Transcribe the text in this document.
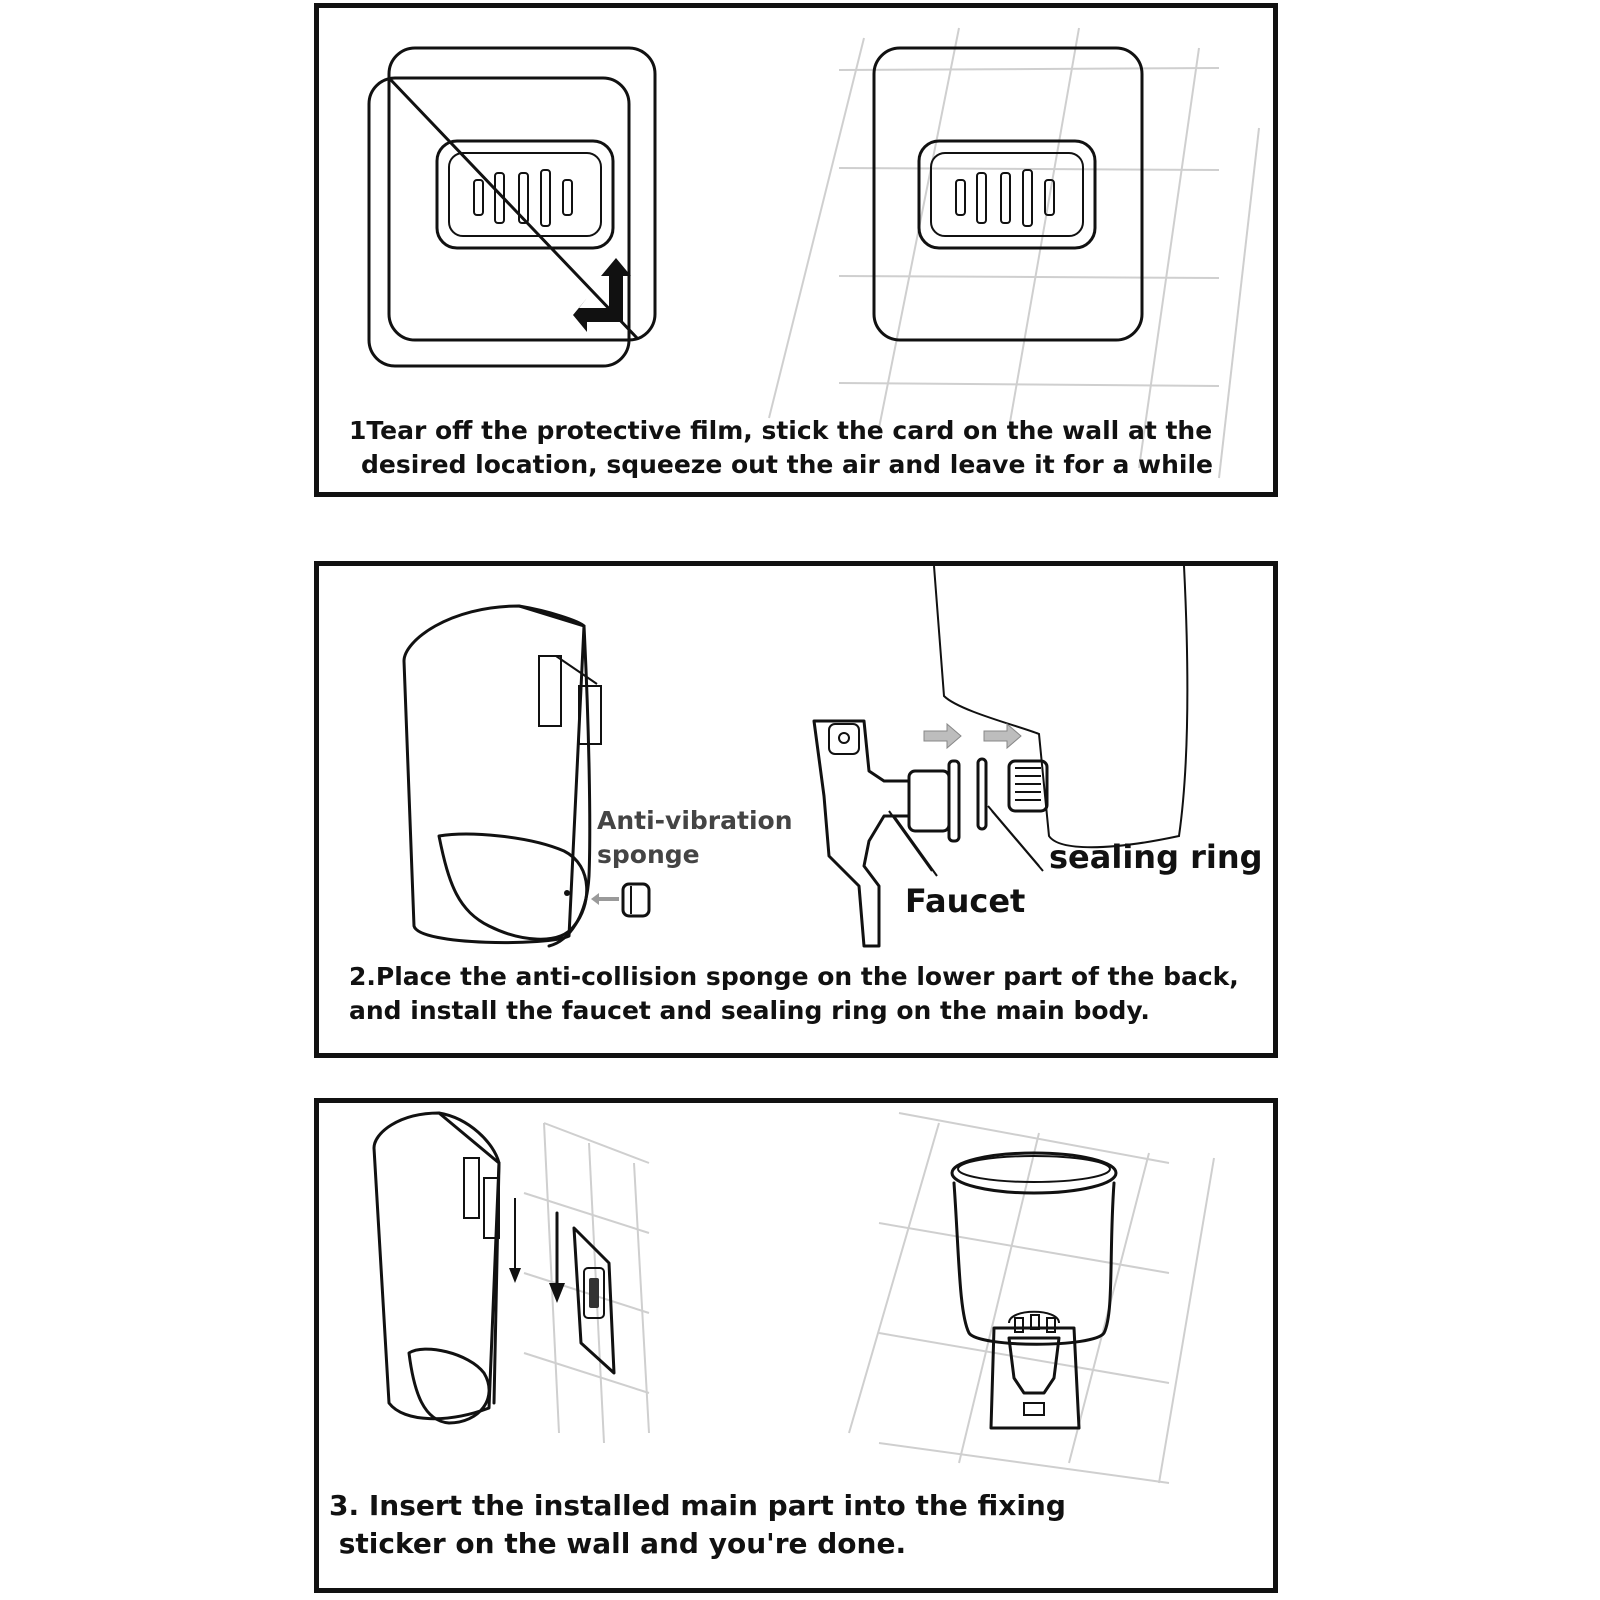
1Tear off the protective film, stick the card on the wall at the
desired location, squeeze out the air and leave it for a while
Anti-vibration
sponge
Faucet
sealing ring
2.Place the anti-collision sponge on the lower part of the back,
and install the faucet and sealing ring on the main body.
3. Insert the installed main part into the fixing
sticker on the wall and you're done.
